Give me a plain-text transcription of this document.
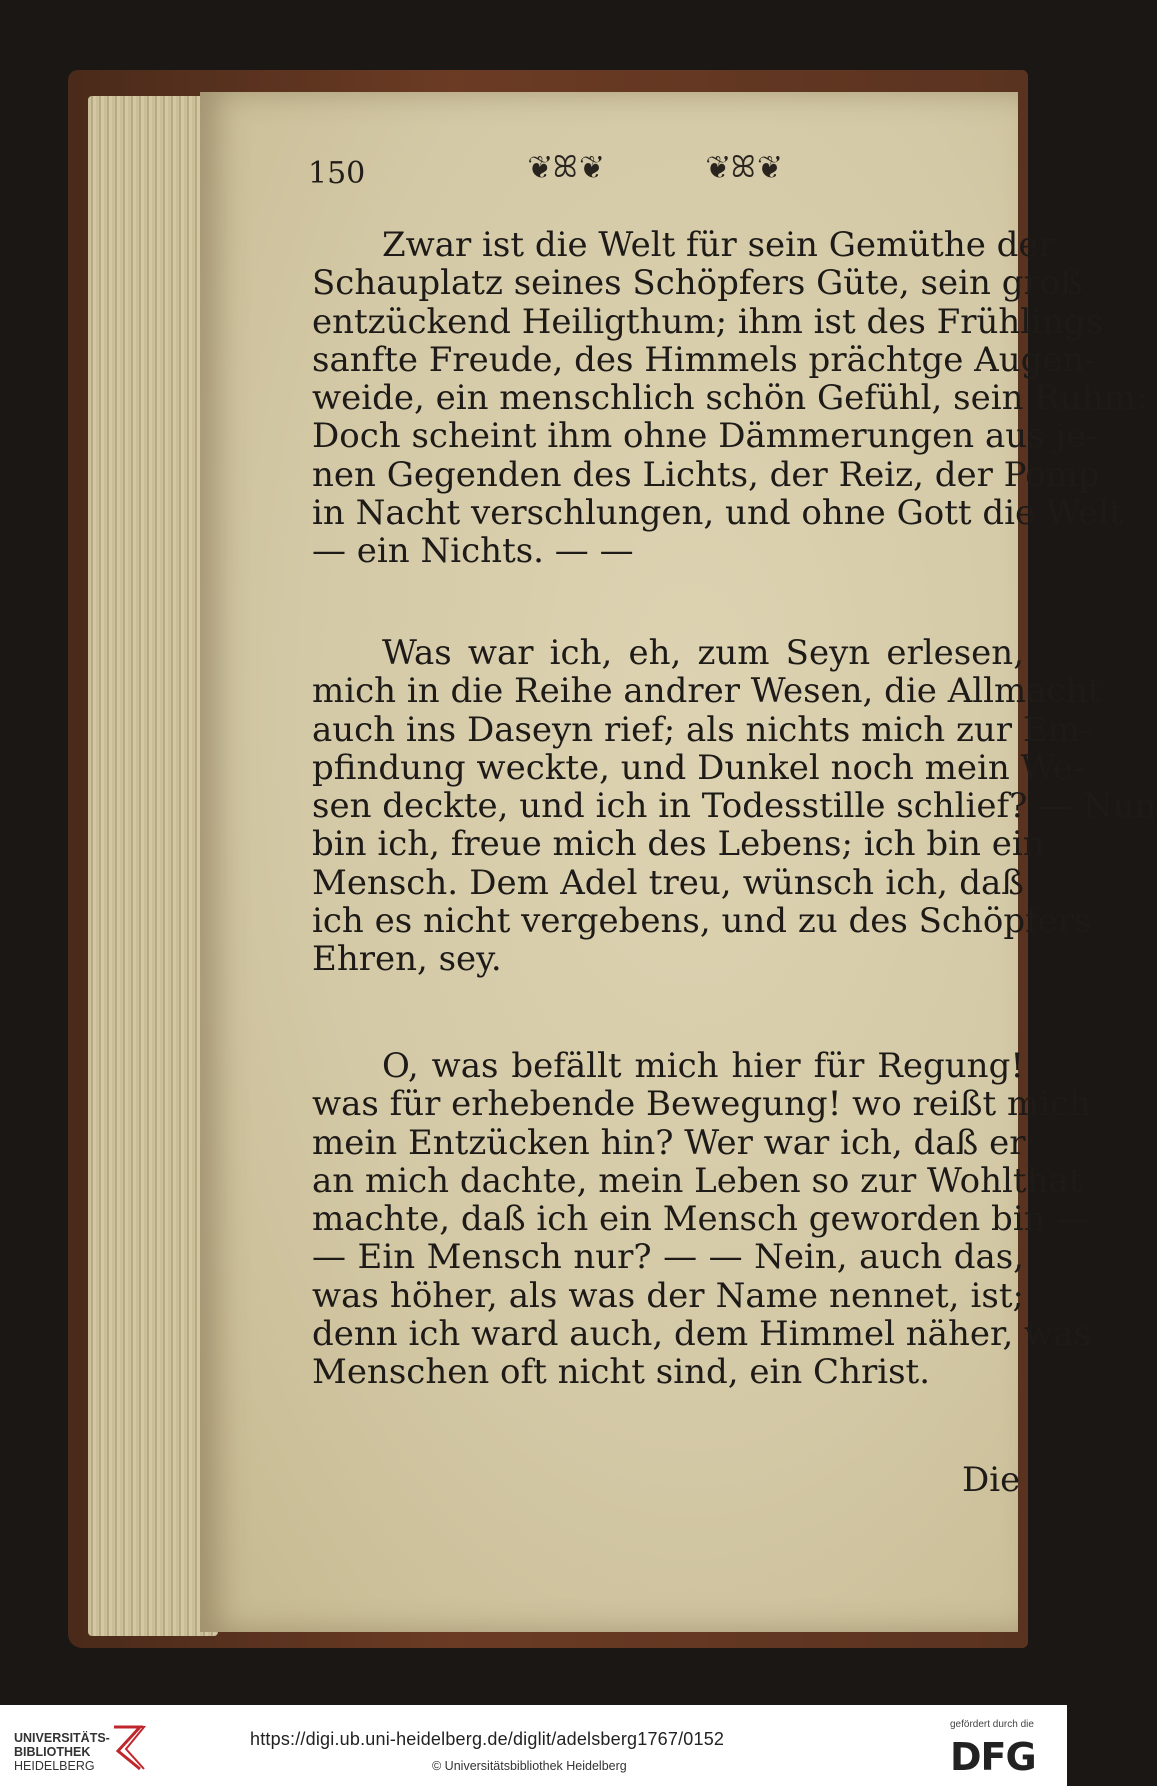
150	❦ꕤ❦	❦ꕤ❦
Zwar ist die Welt für sein Gemüthe der
Schauplatz seines Schöpfers Güte, sein groß
entzückend Heiligthum; ihm ist des Frühlings
sanfte Freude, des Himmels prächtge Augen-
weide, ein menschlich schön Gefühl, sein Ruhm:
Doch scheint ihm ohne Dämmerungen aus je-
nen Gegenden des Lichts, der Reiz, der Pomp
in Nacht verschlungen, und ohne Gott die Welt
— ein Nichts. — —
Was war ich, eh, zum Seyn erlesen,
mich in die Reihe andrer Wesen, die Allmacht
auch ins Daseyn rief; als nichts mich zur Em-
pfindung weckte, und Dunkel noch mein We-
sen deckte, und ich in Todesstille schlief? — Nun
bin ich, freue mich des Lebens; ich bin ein
Mensch. Dem Adel treu, wünsch ich, daß
ich es nicht vergebens, und zu des Schöpfers
Ehren, sey.
O, was befällt mich hier für Regung!
was für erhebende Bewegung! wo reißt mich
mein Entzücken hin? Wer war ich, daß er
an mich dachte, mein Leben so zur Wohlthat
machte, daß ich ein Mensch geworden bin —
— Ein Mensch nur? — — Nein, auch das,
was höher, als was der Name nennet, ist;
denn ich ward auch, dem Himmel näher, was
Menschen oft nicht sind, ein Christ.
Die
UNIVERSITÄTS-
BIBLIOTHEK
HEIDELBERG
https://digi.ub.uni-heidelberg.de/diglit/adelsberg1767/0152
© Universitätsbibliothek Heidelberg
gefördert durch die
DFG
